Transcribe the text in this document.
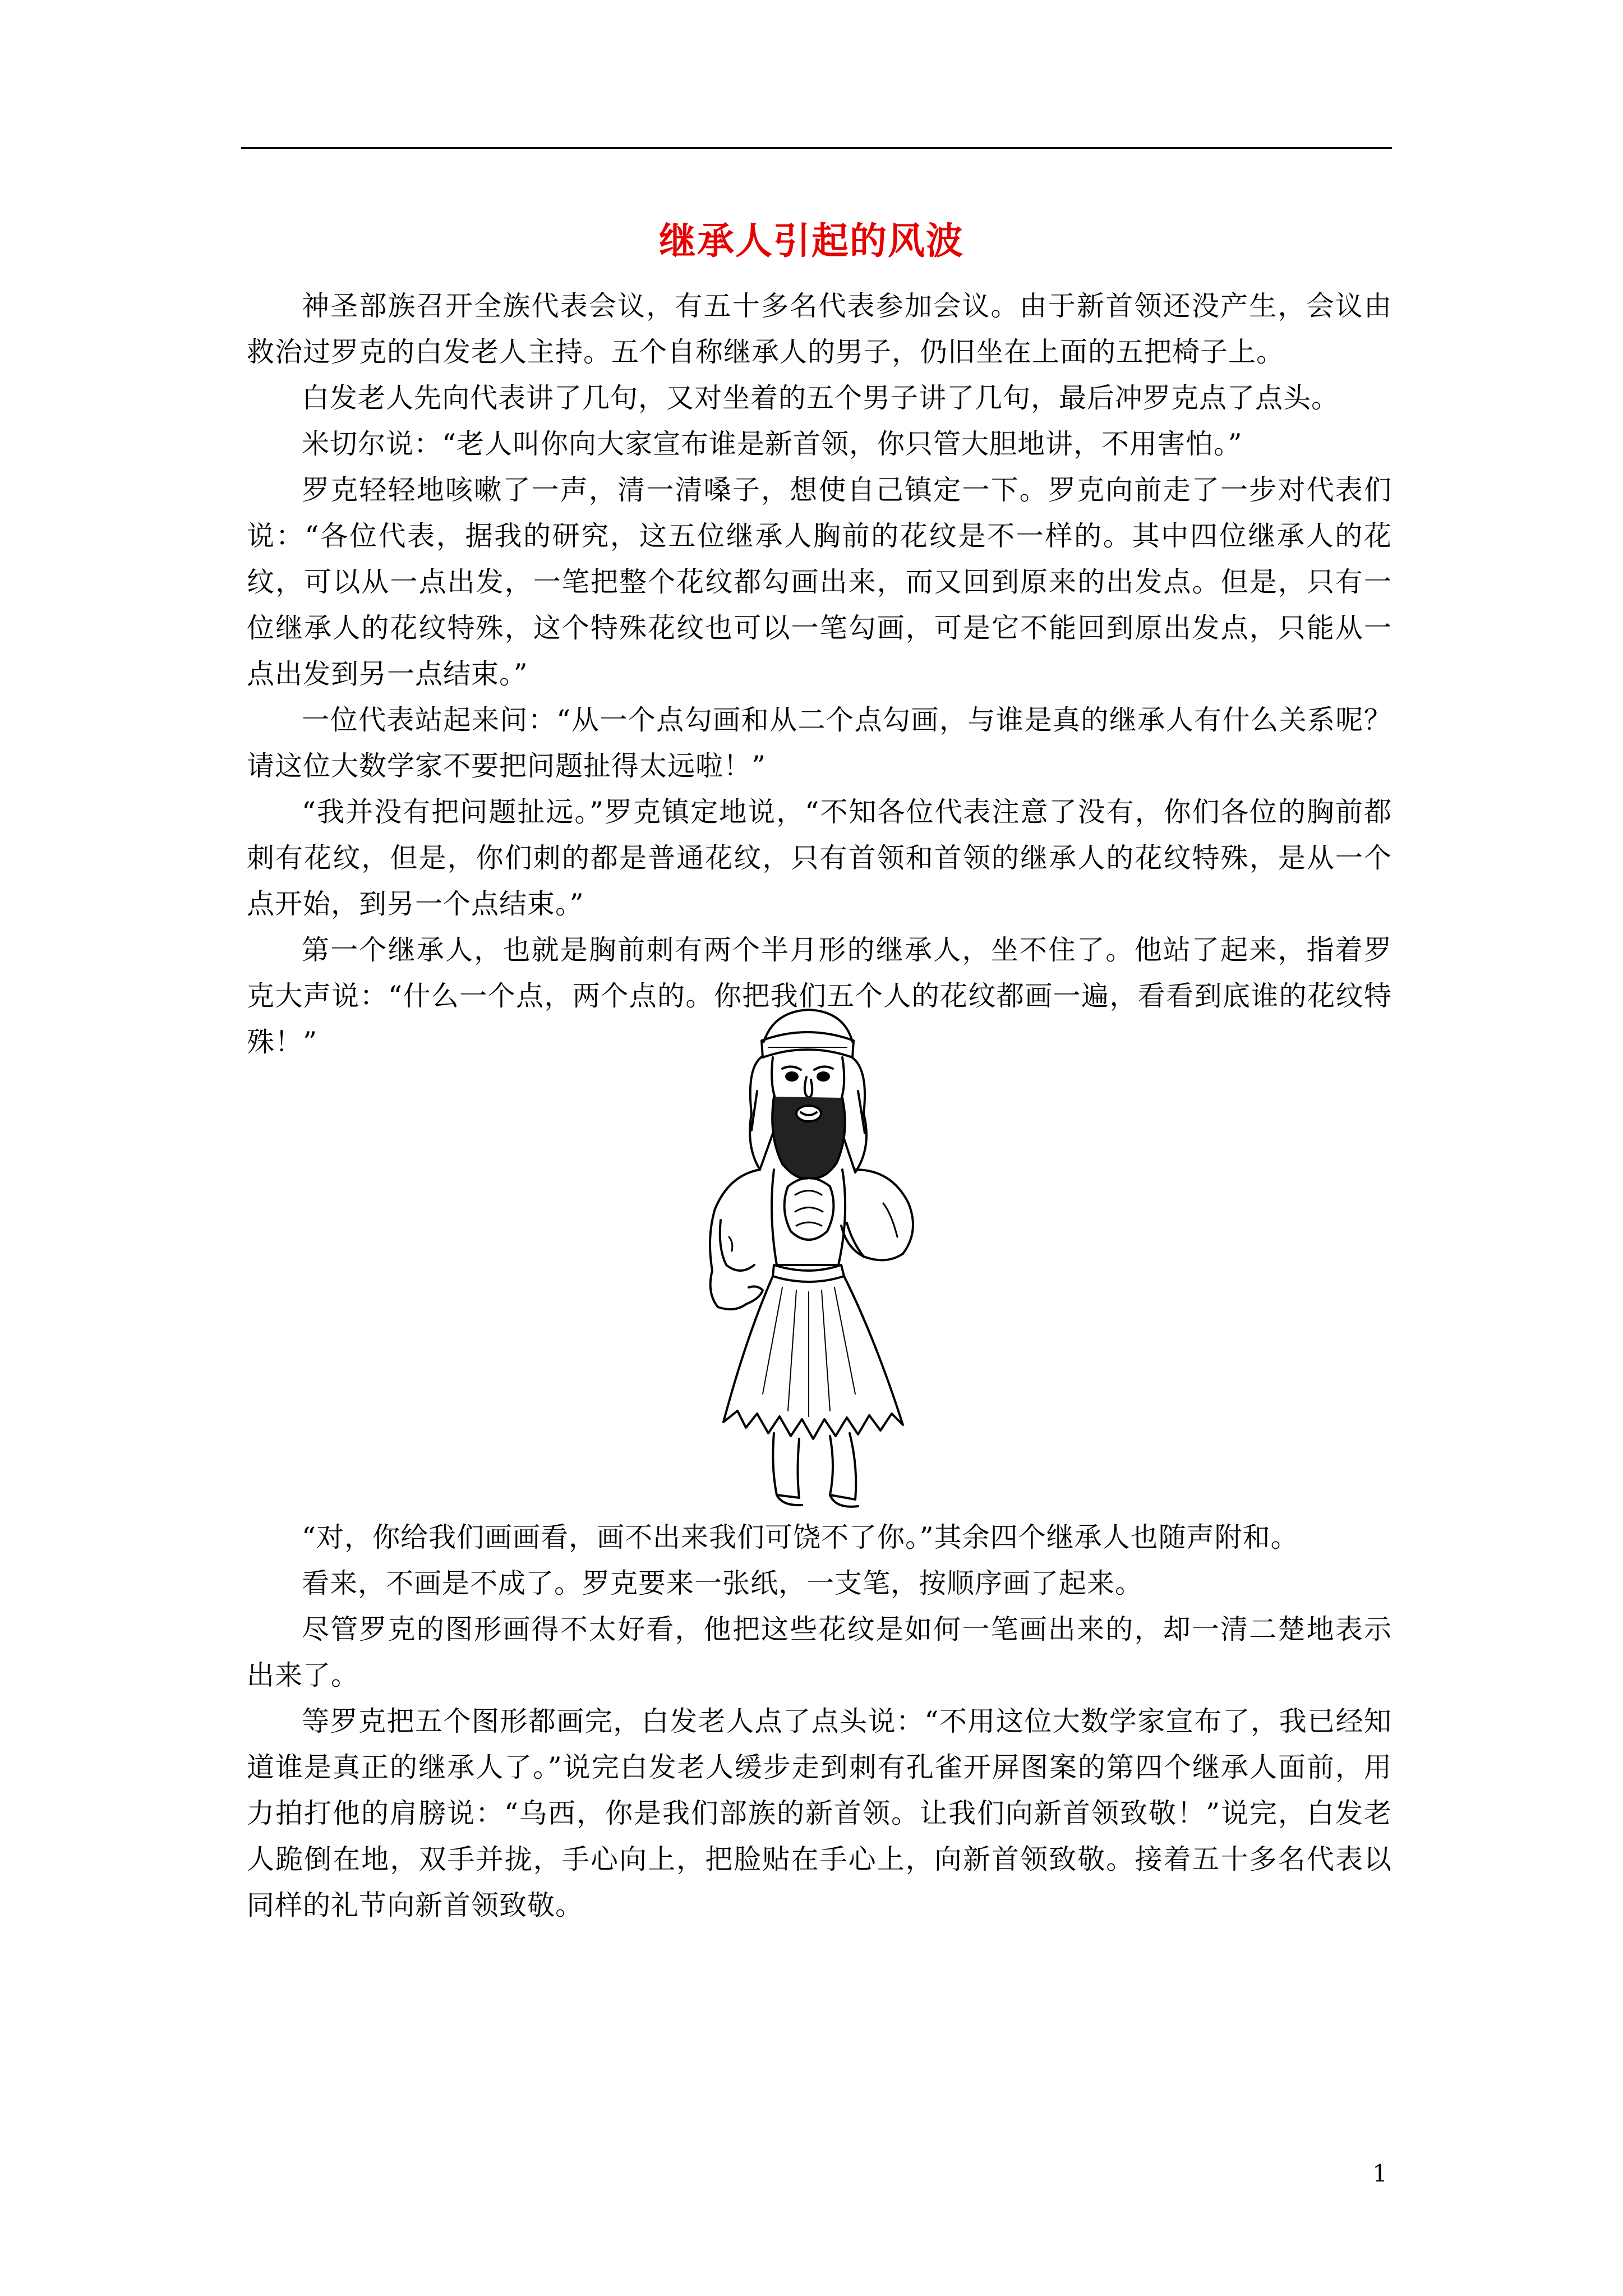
继承人引起的风波

神圣部族召开全族代表会议，有五十多名代表参加会议。由于新首领还没产生，会议由救治过罗克的白发老人主持。五个自称继承人的男子，仍旧坐在上面的五把椅子上。

白发老人先向代表讲了几句，又对坐着的五个男子讲了几句，最后冲罗克点了点头。

米切尔说：“老人叫你向大家宣布谁是新首领，你只管大胆地讲，不用害怕。”

罗克轻轻地咳嗽了一声，清一清嗓子，想使自己镇定一下。罗克向前走了一步对代表们说：“各位代表，据我的研究，这五位继承人胸前的花纹是不一样的。其中四位继承人的花纹，可以从一点出发，一笔把整个花纹都勾画出来，而又回到原来的出发点。但是，只有一位继承人的花纹特殊，这个特殊花纹也可以一笔勾画，可是它不能回到原出发点，只能从一点出发到另一点结束。”

一位代表站起来问：“从一个点勾画和从二个点勾画，与谁是真的继承人有什么关系呢？请这位大数学家不要把问题扯得太远啦！”

“我并没有把问题扯远。”罗克镇定地说，“不知各位代表注意了没有，你们各位的胸前都刺有花纹，但是，你们刺的都是普通花纹，只有首领和首领的继承人的花纹特殊，是从一个点开始，到另一个点结束。”

第一个继承人，也就是胸前刺有两个半月形的继承人，坐不住了。他站了起来，指着罗克大声说：“什么一个点，两个点的。你把我们五个人的花纹都画一遍，看看到底谁的花纹特殊！”

“对，你给我们画画看，画不出来我们可饶不了你。”其余四个继承人也随声附和。

看来，不画是不成了。罗克要来一张纸，一支笔，按顺序画了起来。

尽管罗克的图形画得不太好看，他把这些花纹是如何一笔画出来的，却一清二楚地表示出来了。

等罗克把五个图形都画完，白发老人点了点头说：“不用这位大数学家宣布了，我已经知道谁是真正的继承人了。”说完白发老人缓步走到刺有孔雀开屏图案的第四个继承人面前，用力拍打他的肩膀说：“乌西，你是我们部族的新首领。让我们向新首领致敬！”说完，白发老人跪倒在地，双手并拢，手心向上，把脸贴在手心上，向新首领致敬。接着五十多名代表以同样的礼节向新首领致敬。

1
